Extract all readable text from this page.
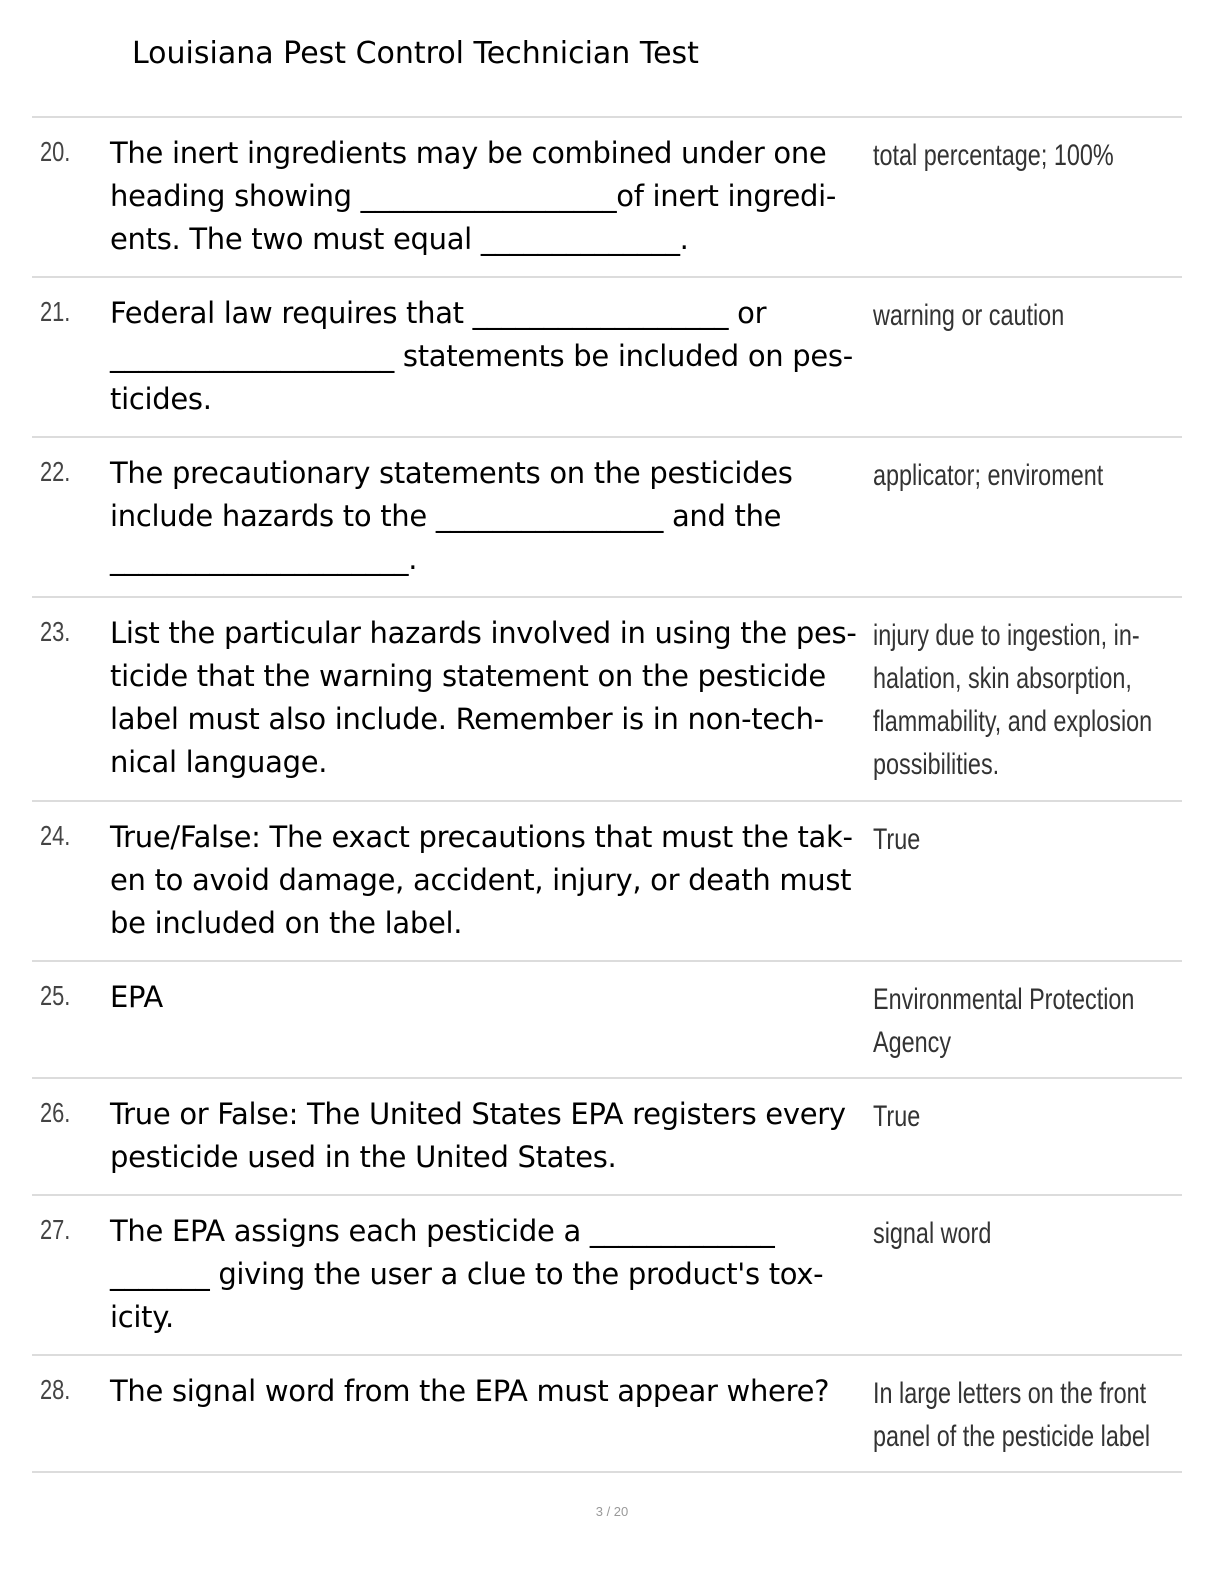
Louisiana Pest Control Technician Test
20. The inert ingredients may be combined under one
heading showing __________________of inert ingredi-
ents. The two must equal ______________.
total percentage; 100%
21. Federal law requires that __________________ or
____________________ statements be included on pes-
ticides.
warning or caution
22. The precautionary statements on the pesticides
include hazards to the ________________ and the
_____________________.
applicator; enviroment
23. List the particular hazards involved in using the pes-
ticide that the warning statement on the pesticide
label must also include. Remember is in non-tech-
nical language.
injury due to ingestion, in-
halation, skin absorption,
flammability, and explosion
possibilities.
24. True/False: The exact precautions that must the tak-
en to avoid damage, accident, injury, or death must
be included on the label.
True
25. EPA	Environmental Protection
Agency
26. True or False: The United States EPA registers every
pesticide used in the United States.
True
27. The EPA assigns each pesticide a _____________
_______ giving the user a clue to the product's tox-
icity.
signal word
28. The signal word from the EPA must appear where?	In large letters on the front
panel of the pesticide label
3 / 20
